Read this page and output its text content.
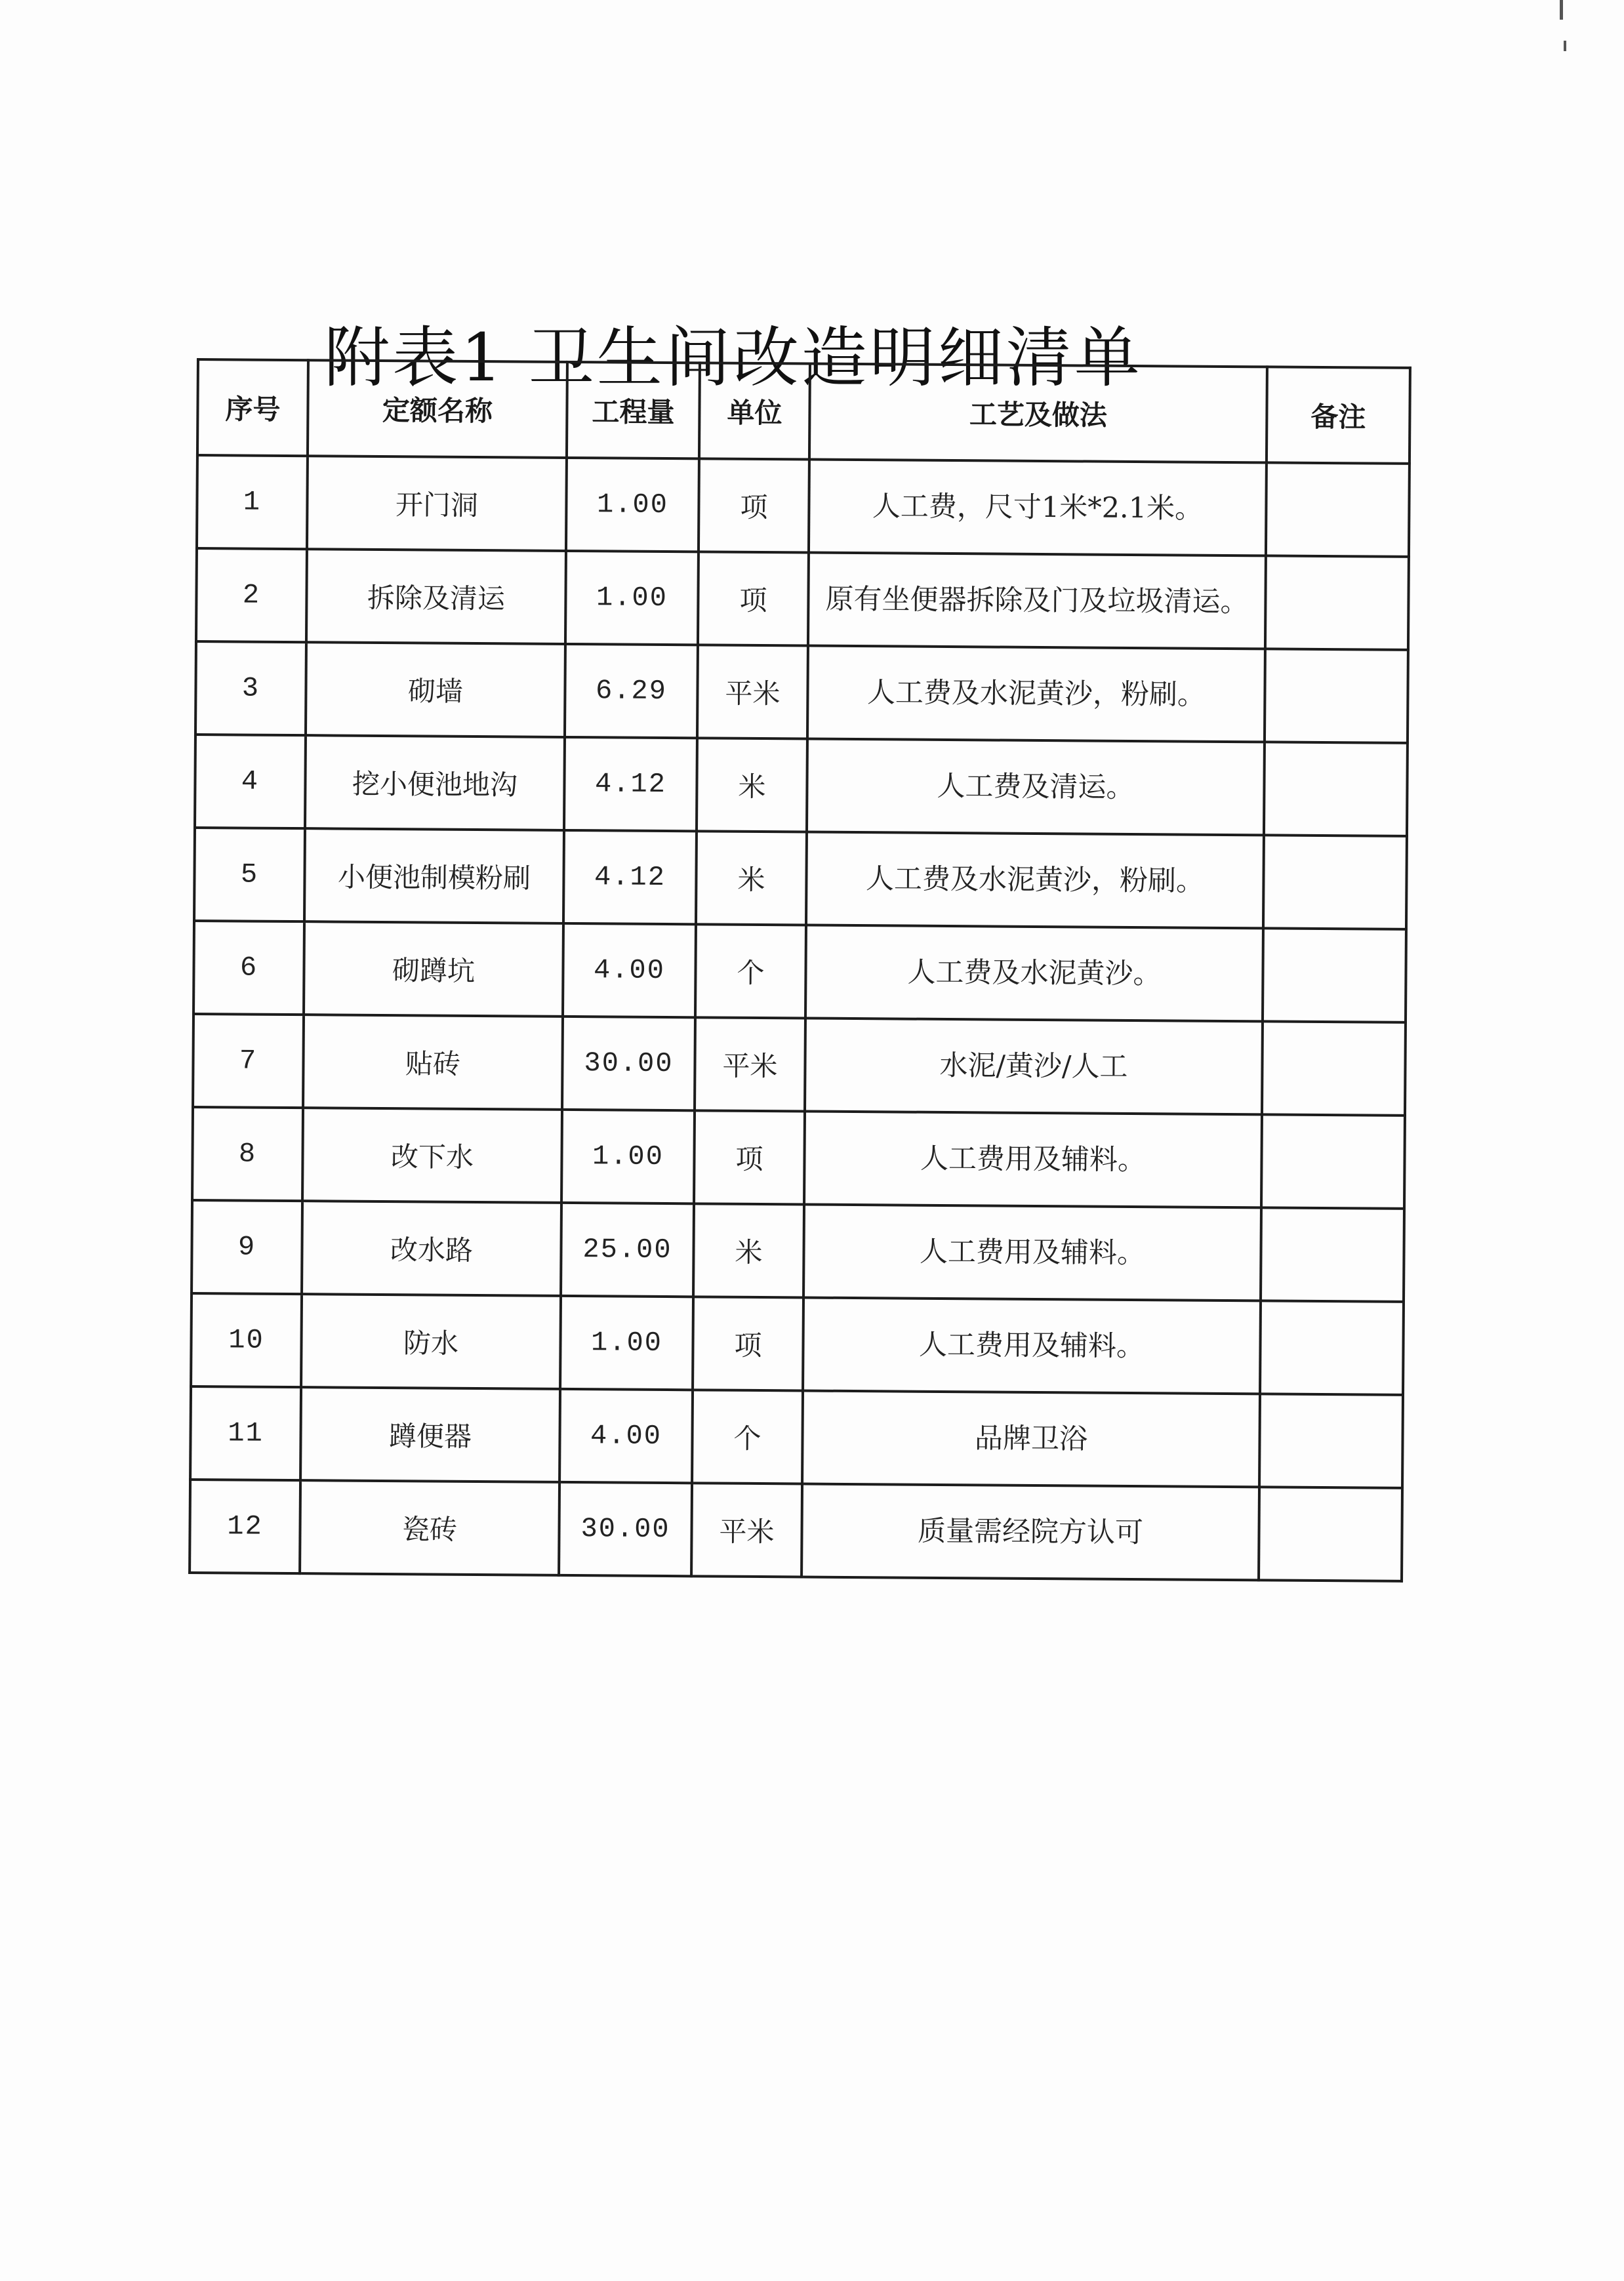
附表1 卫生间改造明细清单
序号	定额名称	工程量	单位	工艺及做法	备注
1	开门洞	1.00	项	人工费，尺寸1米*2.1米。	
2	拆除及清运	1.00	项	原有坐便器拆除及门及垃圾清运。	
3	砌墙	6.29	平米	人工费及水泥黄沙，粉刷。	
4	挖小便池地沟	4.12	米	人工费及清运。	
5	小便池制模粉刷	4.12	米	人工费及水泥黄沙，粉刷。	
6	砌蹲坑	4.00	个	人工费及水泥黄沙。	
7	贴砖	30.00	平米	水泥/黄沙/人工	
8	改下水	1.00	项	人工费用及辅料。	
9	改水路	25.00	米	人工费用及辅料。	
10	防水	1.00	项	人工费用及辅料。	
11	蹲便器	4.00	个	品牌卫浴	
12	瓷砖	30.00	平米	质量需经院方认可	
